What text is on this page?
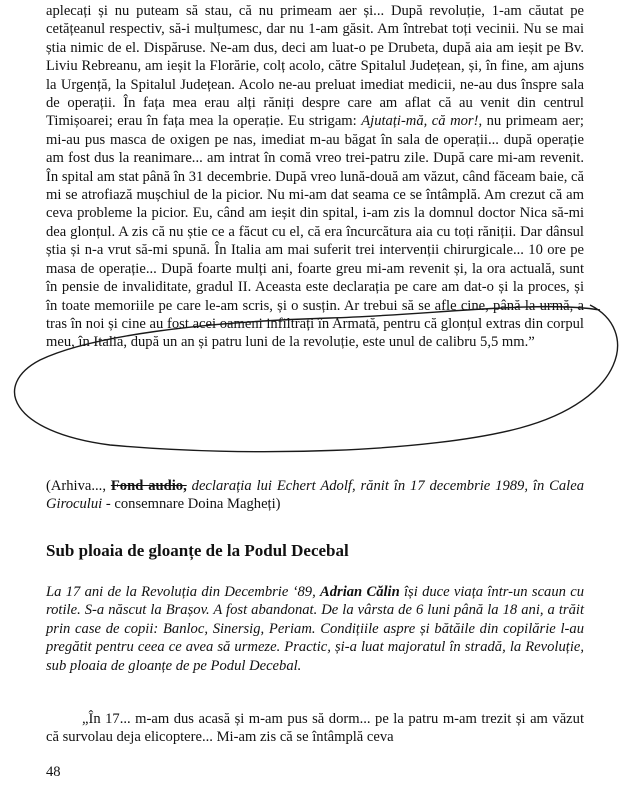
aplecați și nu puteam să stau, că nu primeam aer și... După revoluție, 1-am căutat pe cetățeanul respectiv, să-i mulțumesc, dar nu 1-am găsit. Am întrebat toți vecinii. Nu se mai știa nimic de el. Dispăruse. Ne-am dus, deci am luat-o pe Drubeta, după aia am ieșit pe Bv. Liviu Rebreanu, am ieșit la Florărie, colț acolo, către Spitalul Județean, și, în fine, am ajuns la Urgență, la Spitalul Județean. Acolo ne-au preluat imediat medicii, ne-au dus înspre sala de operații. În fața mea erau alți răniți despre care am aflat că au venit din centrul Timișoarei; erau în fața mea la operație. Eu strigam: Ajutați-mă, că mor!, nu primeam aer; mi-au pus masca de oxigen pe nas, imediat m-au băgat în sala de operații... după operație am fost dus la reanimare... am intrat în comă vreo trei-patru zile. După care mi-am revenit. În spital am stat până în 31 decembrie. După vreo lună-două am văzut, când făceam baie, că mi se atrofiază mușchiul de la picior. Nu mi-am dat seama ce se întâmplă. Am crezut că am ceva probleme la picior. Eu, când am ieșit din spital, i-am zis la domnul doctor Nica să-mi dea glonțul. A zis că nu știe ce a făcut cu el, că era încurcătura aia cu toți răniții. Dar dânsul știa și n-a vrut să-mi spună. În Italia am mai suferit trei intervenții chirurgicale... 10 ore pe masa de operație... După foarte mulți ani, foarte greu mi-am revenit și, la ora actuală, sunt în pensie de invaliditate, gradul II. Aceasta este declarația pe care am dat-o și la proces, și în toate memoriile pe care le-am scris, și o susțin. Ar trebui să se afle cine, până la urmă, a tras în noi și cine au fost acei oameni infiltrați în Armată, pentru că glonțul extras din corpul meu, în Italia, după un an și patru luni de la revoluție, este unul de calibru 5,5 mm.”
(Arhiva..., Fond audio, declarația lui Echert Adolf, rănit în 17 decembrie 1989, în Calea Girocului - consemnare Doina Magheți)
Sub ploaia de gloanțe de la Podul Decebal
La 17 ani de la Revoluția din Decembrie ‘89, Adrian Călin își duce viața într-un scaun cu rotile. S-a născut la Brașov. A fost abandonat. De la vârsta de 6 luni până la 18 ani, a trăit prin case de copii: Banloc, Sinersig, Periam. Condițiile aspre și bătăile din copilărie l-au pregătit pentru ceea ce avea să urmeze. Practic, și-a luat majoratul în stradă, la Revoluție, sub ploaia de gloanțe de pe Podul Decebal.
„În 17... m-am dus acasă și m-am pus să dorm... pe la patru m-am trezit și am văzut că survolau deja elicoptere... Mi-am zis că se întâmplă ceva
48
